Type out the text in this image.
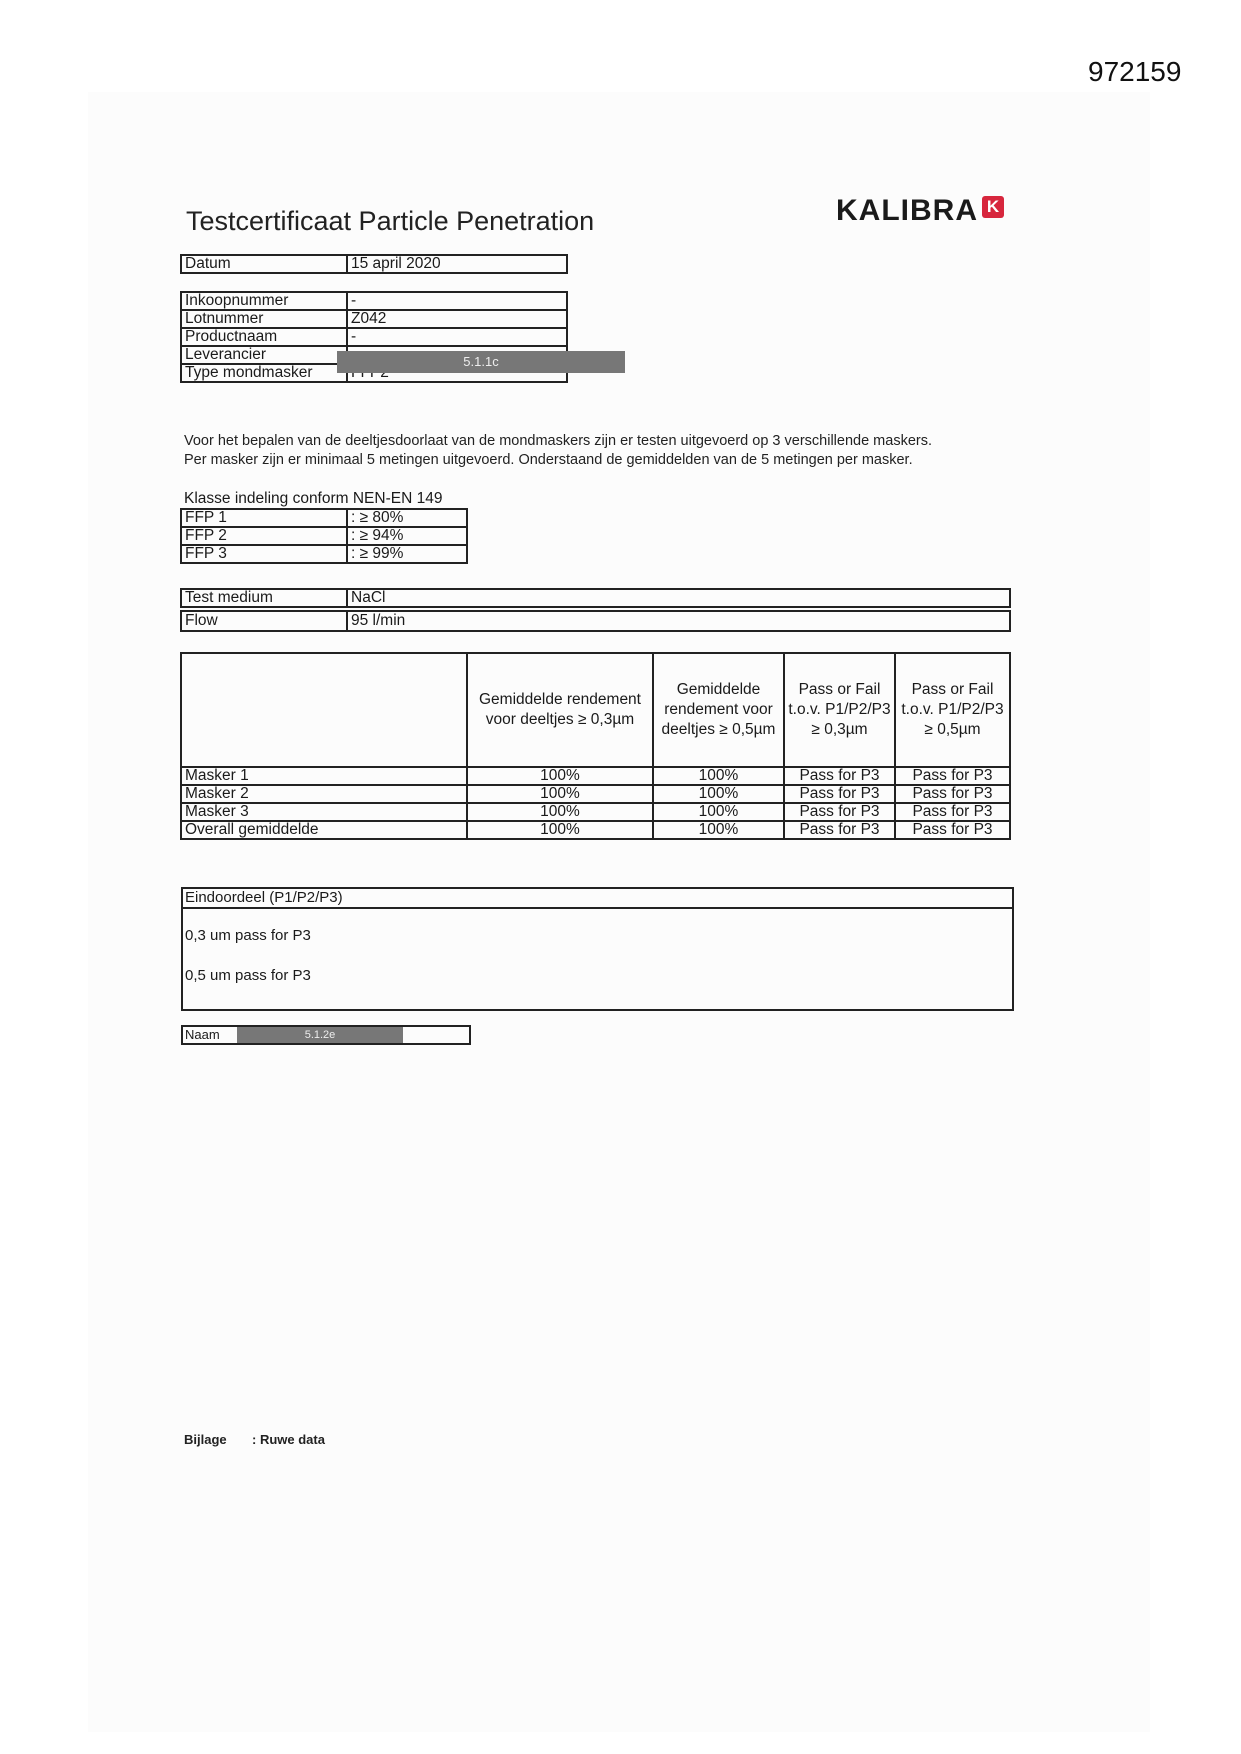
972159
Testcertificaat Particle Penetration	KALIBRA K
Datum	15 april 2020
Inkoopnummer	-
Lotnummer	Z042
Productnaam	-
Leverancier	
Type mondmasker	
5.1.1c
Voor het bepalen van de deeltjesdoorlaat van de mondmaskers zijn er testen uitgevoerd op 3 verschillende maskers.
Per masker zijn er minimaal 5 metingen uitgevoerd. Onderstaand de gemiddelden van de 5 metingen per masker.
Klasse indeling conform NEN-EN 149
FFP 1	: ≥ 80%
FFP 2	: ≥ 94%
FFP 3	: ≥ 99%
Test medium	NaCl
Flow	95 l/min
	Gemiddelde rendement voor deeltjes ≥ 0,3µm	Gemiddelde rendement voor deeltjes ≥ 0,5µm	Pass or Fail t.o.v. P1/P2/P3 ≥ 0,3µm	Pass or Fail t.o.v. P1/P2/P3 ≥ 0,5µm
Masker 1	100%	100%	Pass for P3	Pass for P3
Masker 2	100%	100%	Pass for P3	Pass for P3
Masker 3	100%	100%	Pass for P3	Pass for P3
Overall gemiddelde	100%	100%	Pass for P3	Pass for P3
Eindoordeel (P1/P2/P3)
0,3 um pass for P3
0,5 um pass for P3
Naam	5.1.2e
Bijlage : Ruwe data
